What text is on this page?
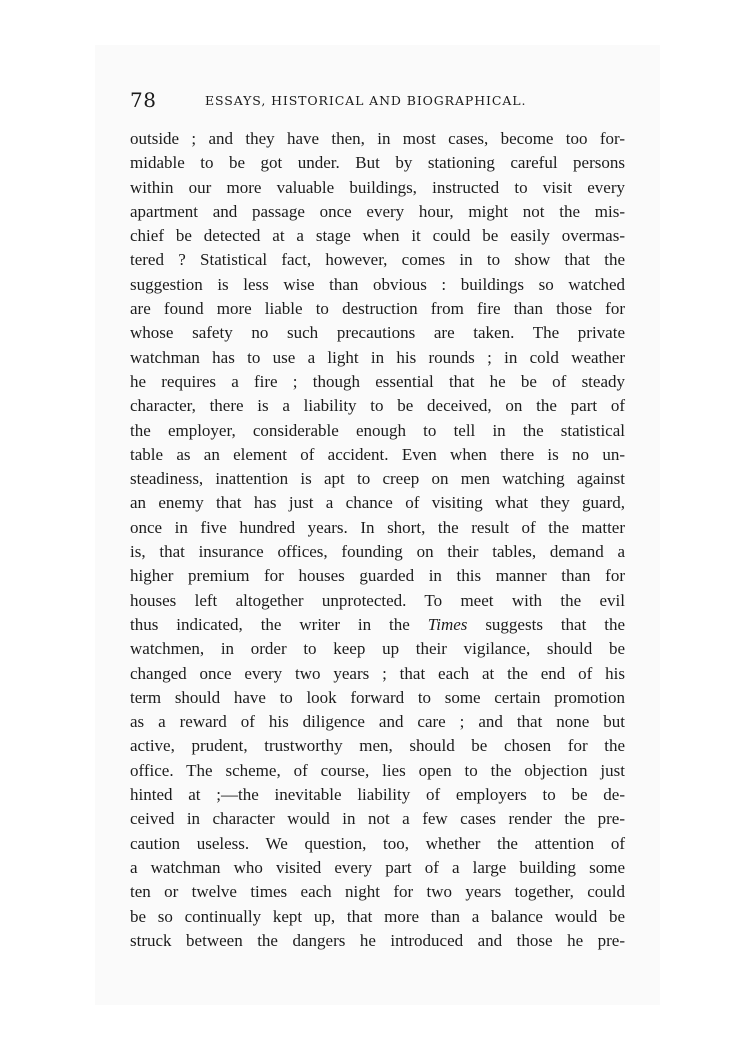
78	ESSAYS, HISTORICAL AND BIOGRAPHICAL.
outside ; and they have then, in most cases, become too for-
midable to be got under. But by stationing careful persons
within our more valuable buildings, instructed to visit every
apartment and passage once every hour, might not the mis-
chief be detected at a stage when it could be easily overmas-
tered ? Statistical fact, however, comes in to show that the
suggestion is less wise than obvious : buildings so watched
are found more liable to destruction from fire than those for
whose safety no such precautions are taken. The private
watchman has to use a light in his rounds ; in cold weather
he requires a fire ; though essential that he be of steady
character, there is a liability to be deceived, on the part of
the employer, considerable enough to tell in the statistical
table as an element of accident. Even when there is no un-
steadiness, inattention is apt to creep on men watching against
an enemy that has just a chance of visiting what they guard,
once in five hundred years. In short, the result of the matter
is, that insurance offices, founding on their tables, demand a
higher premium for houses guarded in this manner than for
houses left altogether unprotected. To meet with the evil
thus indicated, the writer in the Times suggests that the
watchmen, in order to keep up their vigilance, should be
changed once every two years ; that each at the end of his
term should have to look forward to some certain promotion
as a reward of his diligence and care ; and that none but
active, prudent, trustworthy men, should be chosen for the
office. The scheme, of course, lies open to the objection just
hinted at ;—the inevitable liability of employers to be de-
ceived in character would in not a few cases render the pre-
caution useless. We question, too, whether the attention of
a watchman who visited every part of a large building some
ten or twelve times each night for two years together, could
be so continually kept up, that more than a balance would be
struck between the dangers he introduced and those he pre-
